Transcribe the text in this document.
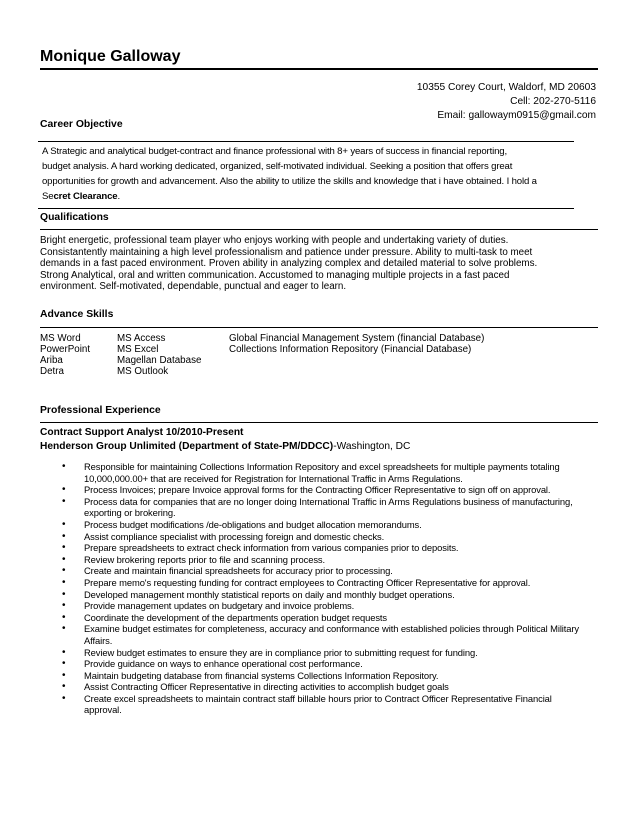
Monique Galloway
10355 Corey Court, Waldorf, MD 20603
Cell: 202-270-5116
Email: gallowaym0915@gmail.com
Career Objective
A Strategic and analytical budget-contract and finance professional with 8+ years of success in financial reporting,
budget analysis. A hard working dedicated, organized, self-motivated individual. Seeking a position that offers great
opportunities for growth and advancement. Also the ability to utilize the skills and knowledge that i have obtained. I hold a
Secret Clearance.
Qualifications
Bright energetic, professional team player who enjoys working with people and undertaking variety of duties.
Consistantently maintaining a high level professionalism and patience under pressure. Ability to multi-task to meet
demands in a fast paced environment. Proven ability in analyzing complex and detailed material to solve problems.
Strong Analytical, oral and written communication. Accustomed to managing multiple projects in a fast paced
environment. Self-motivated, dependable, punctual and eager to learn.
Advance Skills
MS Word
PowerPoint
Ariba
Detra
MS Access
MS Excel
Magellan Database
MS Outlook
Global Financial Management System (financial Database)
Collections Information Repository (Financial Database)
Professional Experience
Contract Support Analyst 10/2010-Present
Henderson Group Unlimited (Department of State-PM/DDCC)-Washington, DC
• Responsible for maintaining Collections Information Repository and excel spreadsheets for multiple payments totaling 10,000,000.00+ that are received for Registration for International Traffic in Arms Regulations.
• Process Invoices; prepare Invoice approval forms for the Contracting Officer Representative to sign off on approval.
• Process data for companies that are no longer doing International Traffic in Arms Regulations business of manufacturing, exporting or brokering.
• Process budget modifications /de-obligations and budget allocation memorandums.
• Assist compliance specialist with processing foreign and domestic checks.
• Prepare spreadsheets to extract check information from various companies prior to deposits.
• Review brokering reports prior to file and scanning process.
• Create and maintain financial spreadsheets for accuracy prior to processing.
• Prepare memo's requesting funding for contract employees to Contracting Officer Representative for approval.
• Developed management monthly statistical reports on daily and monthly budget operations.
• Provide management updates on budgetary and invoice problems.
• Coordinate the development of the departments operation budget requests
• Examine budget estimates for completeness, accuracy and conformance with established policies through Political Military Affairs.
• Review budget estimates to ensure they are in compliance prior to submitting request for funding.
• Provide guidance on ways to enhance operational cost performance.
• Maintain budgeting database from financial systems Collections Information Repository.
• Assist Contracting Officer Representative in directing activities to accomplish budget goals
• Create excel spreadsheets to maintain contract staff billable hours prior to Contract Officer Representative Financial approval.
